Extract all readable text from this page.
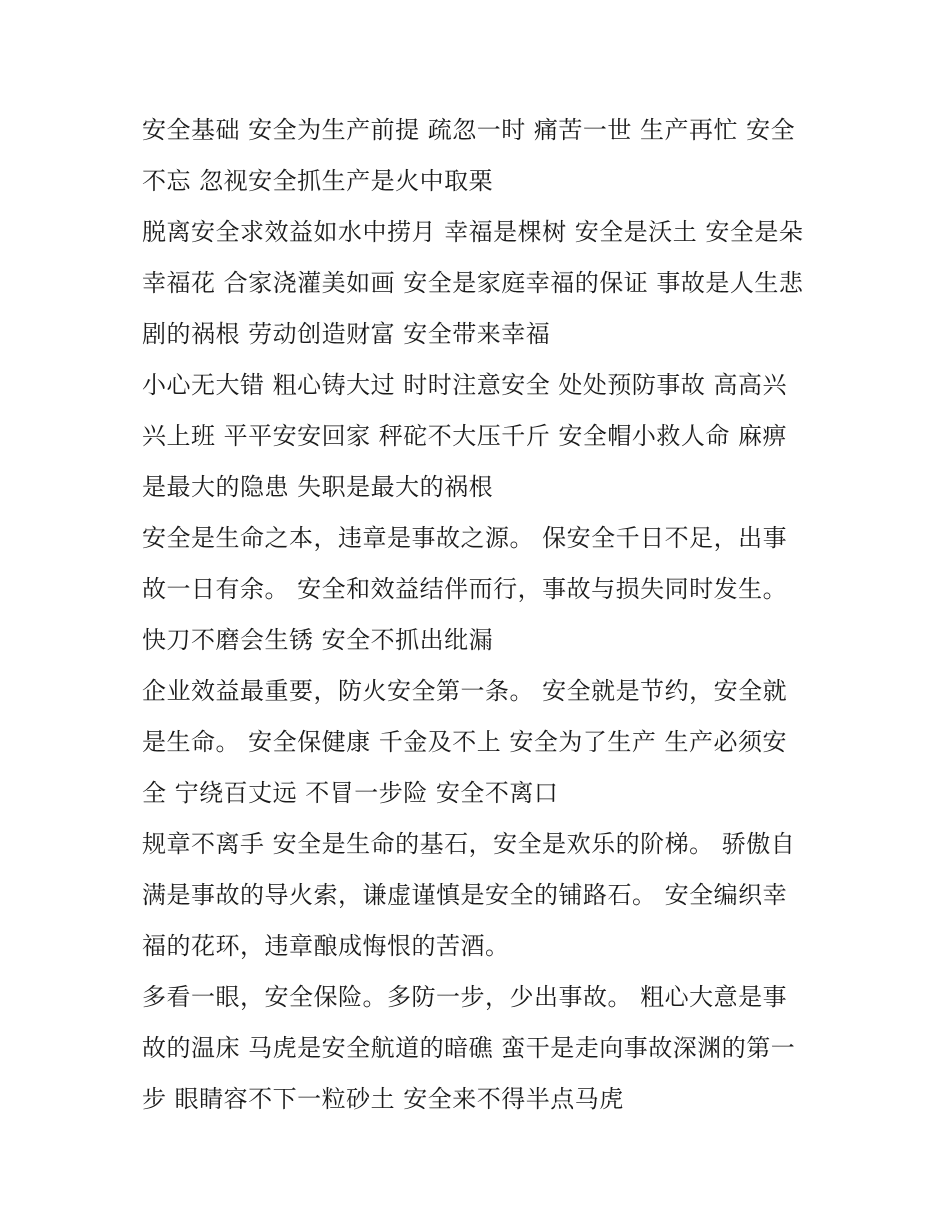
安全基础 安全为生产前提 疏忽一时 痛苦一世 生产再忙 安全

不忘 忽视安全抓生产是火中取栗

脱离安全求效益如水中捞月 幸福是棵树 安全是沃土 安全是朵

幸福花 合家浇灌美如画 安全是家庭幸福的保证 事故是人生悲

剧的祸根 劳动创造财富 安全带来幸福

小心无大错 粗心铸大过 时时注意安全 处处预防事故 高高兴

兴上班 平平安安回家 秤砣不大压千斤 安全帽小救人命 麻痹

是最大的隐患 失职是最大的祸根

安全是生命之本，违章是事故之源。 保安全千日不足，出事

故一日有余。 安全和效益结伴而行，事故与损失同时发生。

快刀不磨会生锈 安全不抓出纰漏

企业效益最重要，防火安全第一条。 安全就是节约，安全就

是生命。 安全保健康 千金及不上 安全为了生产 生产必须安

全 宁绕百丈远 不冒一步险 安全不离口

规章不离手 安全是生命的基石，安全是欢乐的阶梯。 骄傲自

满是事故的导火索，谦虚谨慎是安全的铺路石。 安全编织幸

福的花环，违章酿成悔恨的苦酒。

多看一眼，安全保险。多防一步，少出事故。 粗心大意是事

故的温床 马虎是安全航道的暗礁 蛮干是走向事故深渊的第一

步 眼睛容不下一粒砂土 安全来不得半点马虎
